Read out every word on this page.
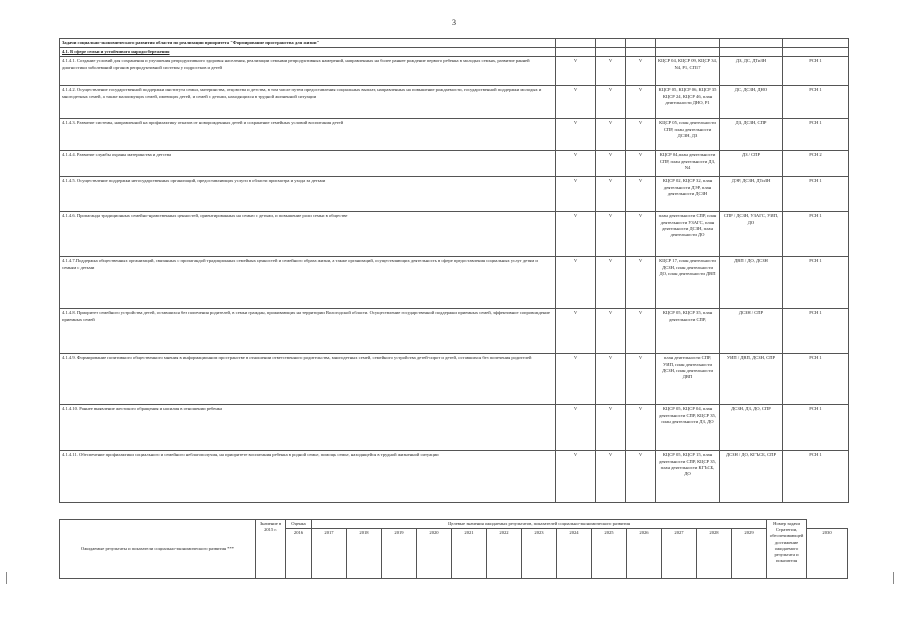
3
Задачи социально-экономического развития области по реализации приоритета "Формирование пространства для жизни"						
4.1. В сфере семьи и устойчивого народосбережения						
4.1.4.1. Создание условий для сохранения и улучшения репродуктивного здоровья населения, реализации семьями репродуктивных намерений, направленных на более раннее рождение первого ребенка в молодых семьях, развитие ранней диагностики заболеваний органов репродуктивной системы у подростков и детей	V	V	V	КЦСР 04, КЦСР 09, КЦСР 34, N4, P1, СП17	ДЗ, ДС, ДТиЗН	РСН 1
4.1.4.2. Осуществление государственной поддержки института семьи, материнства, отцовства и детства, в том числе путем предоставления социальных выплат, направленных на повышение рождаемости, государственной поддержки молодых и многодетных семей, а также малоимущих семей, имеющих детей, и семей с детьми, находящихся в трудной жизненной ситуации	V	V	V	КЦСР 05, КЦСР 06, КЦСР 35 КЦСР 24, КЦСР 46, план деятельности ДНО, P1	ДС, ДСЗН, ДНО	РСН 1
4.1.4.3. Развитие системы, направленной на профилактику отказов от новорожденных детей и сохранение семейных условий воспитания детей	V	V	V	КЦСР 05, план деятельности СПР, план деятельности ДСЗН, ДЗ	ДЗ, ДСЗН, СПР	РСН 1
4.1.4.4. Развитие службы охраны материнства и детства	V	V	V	КЦСР 04,план деятельности СПР, план деятельности ДЗ, N4	ДЗ / СПР	РСН 2
4.1.4.5. Осуществление поддержки негосударственных организаций, предоставляющих услуги в области присмотра и ухода за детьми	V	V	V	КЦСР 02, КЦСР 32, план деятельности ДЭР, план деятельности ДСЗН	ДЭР, ДСЗН, ДТиЗН	РСН 1
4.1.4.6. Пропаганда традиционных семейно-нравственных ценностей, ориентированных на семью с детьми, и повышение роли семьи в обществе	V	V	V	план деятельности СПР, план деятельности УЗАГС, план деятельности ДСЗН, план деятельности ДО	СПР / ДСЗН, УЗАГС, УИП, ДО	РСН 1
4.1.4.7.Поддержка общественных организаций, связанных с пропагандой традиционных семейных ценностей и семейного образа жизни, а также организаций, осуществляющих деятельность в сфере предоставления социальных услуг детям и семьям с детьми	V	V	V	КЦСР 17, план деятельности ДСЗН, план деятельности ДО, план деятельности ДВП	ДВП / ДО, ДСЗН	РСН 1
4.1.4.8. Приоритет семейного устройства детей, оставшихся без попечения родителей, в семьи граждан, проживающих на территории Вологодской области. Осуществление государственной поддержки приемных семей, эффективное сопровождение приемных семей	V	V	V	КЦСР 05, КЦСР 35, план деятельности СПР,	ДСЗН / СПР	РСН 1
4.1.4.9. Формирование позитивного общественного мнения в информационном пространстве в отношении ответственного родительства, многодетных семей, семейного устройства детей-сирот и детей, оставшихся без попечения родителей	V	V	V	план деятельности СПР, УИП, план деятельности ДСЗН, план деятельности ДВП	УИП / ДВП, ДСЗН, СПР	РСН 1
4.1.4.10. Раннее выявление жестокого обращения и насилия в отношении ребенка	V	V	V	КЦСР 05, КЦСР 04, план деятельности СПР, КЦСР 35, план деятельности ДЗ, ДО	ДСЗН, ДЗ, ДО, СПР	РСН 1
4.1.4.11. Обеспечение профилактики социального и семейного неблагополучия, на приоритете воспитания ребенка в родной семье, помощь семье, находящейся в трудной жизненной ситуации	V	V	V	КЦСР 05, КЦСР 15, план деятельности СПР, КЦСР 35, план деятельности КГЪСБ, ДО	ДСЗН / ДО, КГЪСБ, СПР	РСН 1
Ожидаемые результаты и показатели социально-экономического развития ***	Значение в 2015 г.	Оценка	Целевые значения ожидаемых результатов, показателей социально-экономического развития													Номер задачи Стратегии, обеспечивающей достижение ожидаемого результата и показателя	
		2016	2017	2018	2019	2020	2021	2022	2023	2024	2025	2026	2027	2028	2029		2030
